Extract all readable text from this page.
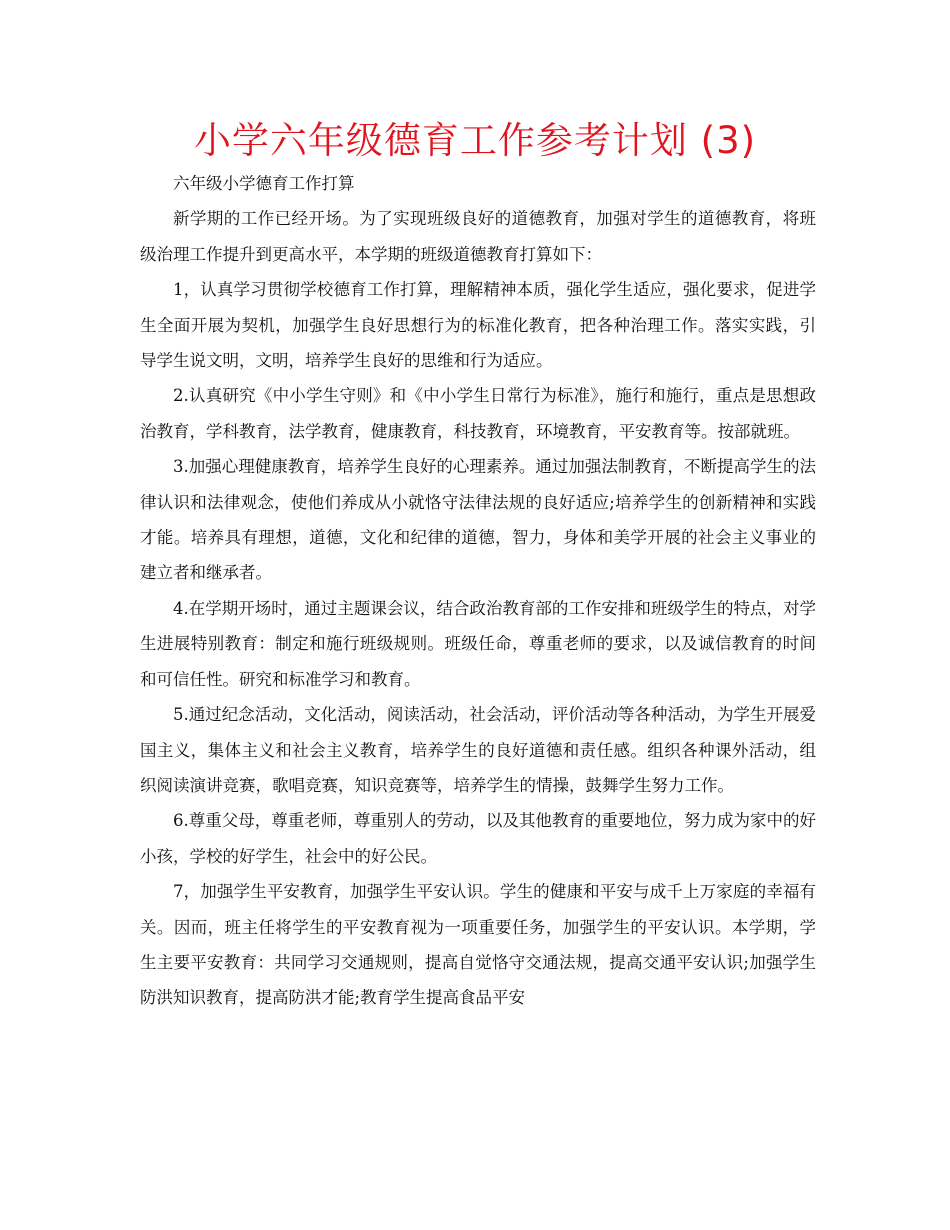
小学六年级德育工作参考计划 (3)

六年级小学德育工作打算

新学期的工作已经开场。为了实现班级良好的道德教育，加强对学生的道德教育，将班级治理工作提升到更高水平，本学期的班级道德教育打算如下：

1，认真学习贯彻学校德育工作打算，理解精神本质，强化学生适应，强化要求，促进学生全面开展为契机，加强学生良好思想行为的标准化教育，把各种治理工作。落实实践，引导学生说文明，文明，培养学生良好的思维和行为适应。

2.认真研究《中小学生守则》和《中小学生日常行为标准》，施行和施行，重点是思想政治教育，学科教育，法学教育，健康教育，科技教育，环境教育，平安教育等。按部就班。

3.加强心理健康教育，培养学生良好的心理素养。通过加强法制教育，不断提高学生的法律认识和法律观念，使他们养成从小就恪守法律法规的良好适应;培养学生的创新精神和实践才能。培养具有理想，道德，文化和纪律的道德，智力，身体和美学开展的社会主义事业的建立者和继承者。

4.在学期开场时，通过主题课会议，结合政治教育部的工作安排和班级学生的特点，对学生进展特别教育：制定和施行班级规则。班级任命，尊重老师的要求，以及诚信教育的时间和可信任性。研究和标准学习和教育。

5.通过纪念活动，文化活动，阅读活动，社会活动，评价活动等各种活动，为学生开展爱国主义，集体主义和社会主义教育，培养学生的良好道德和责任感。组织各种课外活动，组织阅读演讲竞赛，歌唱竞赛，知识竞赛等，培养学生的情操，鼓舞学生努力工作。

6.尊重父母，尊重老师，尊重别人的劳动，以及其他教育的重要地位，努力成为家中的好小孩，学校的好学生，社会中的好公民。

7，加强学生平安教育，加强学生平安认识。学生的健康和平安与成千上万家庭的幸福有关。因而，班主任将学生的平安教育视为一项重要任务，加强学生的平安认识。本学期，学生主要平安教育：共同学习交通规则，提高自觉恪守交通法规，提高交通平安认识;加强学生防洪知识教育，提高防洪才能;教育学生提高食品平安
